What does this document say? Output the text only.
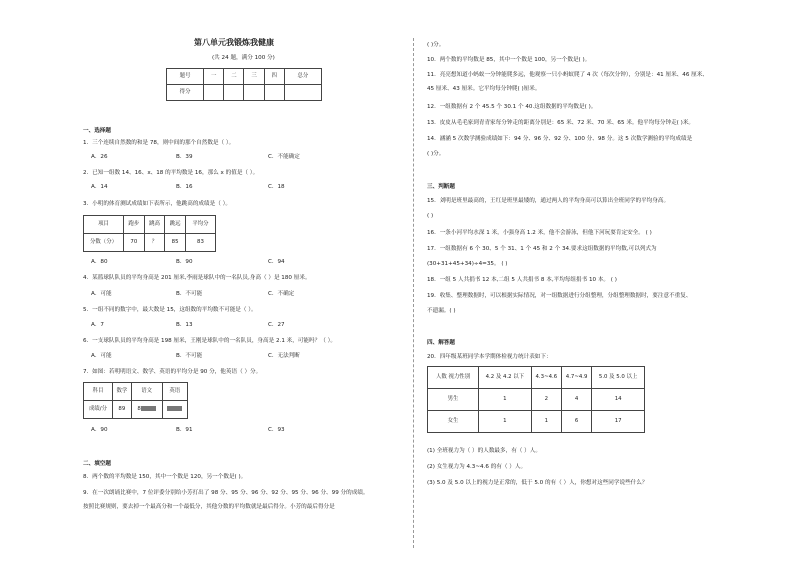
第八单元我锻炼我健康
(共 24 题，满分 100 分)
题号	一	二	三	四	总分
得分					
一、选择题
1．三个连续自然数的和是 78，则中间的那个自然数是（ ）。
A．26	B．39	C．不能确定
2．已知一组数 14、16、x、18 的平均数是 16，那么 x 的值是（ ）。
A．14	B．16	C．18
3．小明的体育测试成绩如下表所示，他跳高的成绩是（ ）。
项目	跑步	跳高	跳远	平均分
分数（分）	70	？	85	83
A．80	B．90	C．94
4．某篮球队队员的平均身高是 201 厘米,李雨是球队中的一名队员,身高（ ）是 180 厘米。
A．可能	B．不可能	C．不确定
5．一组不同的数字中，最大数是 15，这组数的平均数不可能是（ ）。
A．7	B．13	C．27
6．一支球队队员的平均身高是 198 厘米，王刚是球队中的一名队员，身高是 2.1 米，可能吗？（ ）。
A．可能	B．不可能	C．无法判断
7．如图：若明明语文、数学、英语的平均分是 90 分，他英语（ ）分。
科目	数学	语文	英语
成绩/分	89	8	
A．90	B．91	C．93
二、填空题
8．两个数的平均数是 150，其中一个数是 120，另一个数是( )。
9．在一次朗诵比赛中，7 位评委分别给小芳打出了 98 分、95 分、96 分、92 分、95 分、96 分、99 分的成绩。
按照比赛规则，要去掉一个最高分和一个最低分，其他分数的平均数就是最后得分。小芳的最后得分是
( )分。
10．两个数的平均数是 85，其中一个数是 100，另一个数是( )。
11．亮亮想知道小蚂蚁一分钟能爬多远，他观察一只小蚂蚁爬了 4 次（每次分钟），分别是：41 厘米、46 厘米、
45 厘米、43 厘米。它平均每分钟爬( )厘米。
12．一组数据有 2 个 45.5 个 30.1 个 40.这组数据的平均数是( )。
13．皮皮从毛毛家到青青家每分钟走的距离分别是：65 米、72 米、70 米、65 米。他平均每分钟走( )米。
14．涵涵 5 次数学测验成绩如下：94 分、96 分、92 分、100 分、98 分。这 5 次数学测验的平均成绩是
( )分。
三、判断题
15．刘明是班里最高的，王红是班里最矮的，通过两人的平均身高可以算出全班同学的平均身高。
( )
16．一条小河平均水深 1 米，小强身高 1.2 米，他不会游泳，但他下河玩耍肯定安全。 ( )
17．一组数据有 6 个 30、5 个 31、1 个 45 和 2 个 34.要求这组数据的平均数,可以列式为
(30+31+45+34)÷4=35。 ( )
18．一组 5 人共捐书 12 本,二组 5 人共捐书 8 本,平均每组捐书 10 本。 ( )
19．收集、整理数据时，可以根据实际情况，对一组数据进行分组整理，分组整理数据时，要注意不重复、
不遗漏。( )
四、解答题
20．四年级某班同学本学期体检视力统计表如下：
人数 视力性别	4.2 及 4.2 以下	4.3~4.6	4.7~4.9	5.0 及 5.0 以上
男生	1	2	4	14
女生	1	1	6	17
(1) 全班视力为（ ）的人数最多，有（ ）人。
(2) 女生视力为 4.3~4.6 的有（ ）人。
(3) 5.0 及 5.0 以上的视力是正常的，低于 5.0 的有（ ）人，你想对这些同学说些什么？
